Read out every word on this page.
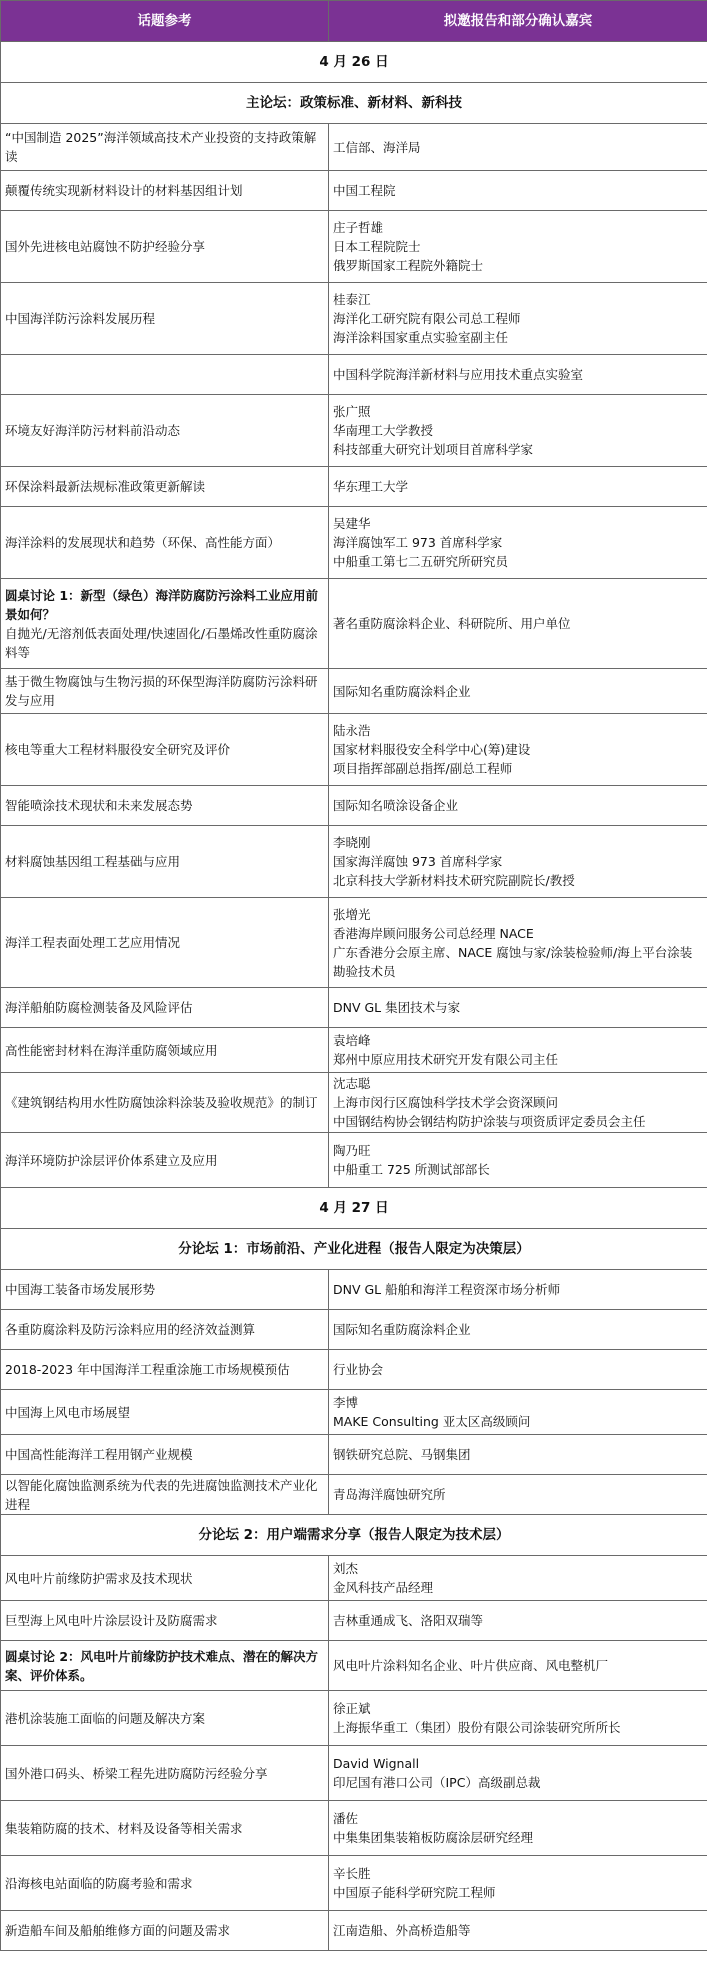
话题参考	拟邀报告和部分确认嘉宾
4 月 26 日	
主论坛：政策标准、新材料、新科技	
“中国制造 2025”海洋领域高技术产业投资的支持政策解读	工信部、海洋局

颠覆传统实现新材料设计的材料基因组计划	中国工程院

国外先进核电站腐蚀不防护经验分享	庄子哲雄
日本工程院院士
俄罗斯国家工程院外籍院士

中国海洋防污涂料发展历程	桂泰江
海洋化工研究院有限公司总工程师
海洋涂料国家重点实验室副主任

	中国科学院海洋新材料与应用技术重点实验室

环境友好海洋防污材料前沿动态	张广照
华南理工大学教授
科技部重大研究计划项目首席科学家

环保涂料最新法规标准政策更新解读	华东理工大学

海洋涂料的发展现状和趋势（环保、高性能方面）	吴建华
海洋腐蚀军工 973 首席科学家
中船重工第七二五研究所研究员

圆桌讨论 1：新型（绿色）海洋防腐防污涂料工业应用前景如何？
自抛光/无溶剂低表面处理/快速固化/石墨烯改性重防腐涂料等	著名重防腐涂料企业、科研院所、用户单位

基于微生物腐蚀与生物污损的环保型海洋防腐防污涂料研发与应用	国际知名重防腐涂料企业

核电等重大工程材料服役安全研究及评价	陆永浩
国家材料服役安全科学中心(筹)建设
项目指挥部副总指挥/副总工程师

智能喷涂技术现状和未来发展态势	国际知名喷涂设备企业

材料腐蚀基因组工程基础与应用	李晓刚
国家海洋腐蚀 973 首席科学家
北京科技大学新材料技术研究院副院长/教授

海洋工程表面处理工艺应用情况	张增光
香港海岸顾问服务公司总经理 NACE
广东香港分会原主席、NACE 腐蚀与家/涂装检验师/海上平台涂装勘验技术员

海洋船舶防腐检测装备及风险评估	DNV GL 集团技术与家

高性能密封材料在海洋重防腐领域应用	袁培峰
郑州中原应用技术研究开发有限公司主任

《建筑钢结构用水性防腐蚀涂料涂装及验收规范》的制订	沈志聪
上海市闵行区腐蚀科学技术学会资深顾问
中国钢结构协会钢结构防护涂装与项资质评定委员会主任

海洋环境防护涂层评价体系建立及应用	陶乃旺
中船重工 725 所测试部部长

4 月 27 日	
分论坛 1：市场前沿、产业化进程（报告人限定为决策层）	
中国海工装备市场发展形势	DNV GL 船舶和海洋工程资深市场分析师

各重防腐涂料及防污涂料应用的经济效益测算	国际知名重防腐涂料企业

2018-2023 年中国海洋工程重涂施工市场规模预估	行业协会

中国海上风电市场展望	李博
MAKE Consulting 亚太区高级顾问

中国高性能海洋工程用钢产业规模	钢铁研究总院、马钢集团

以智能化腐蚀监测系统为代表的先进腐蚀监测技术产业化进程	青岛海洋腐蚀研究所

分论坛 2：用户端需求分享（报告人限定为技术层）	
风电叶片前缘防护需求及技术现状	刘杰
金风科技产品经理

巨型海上风电叶片涂层设计及防腐需求	吉林重通成飞、洛阳双瑞等

圆桌讨论 2：风电叶片前缘防护技术难点、潜在的解决方案、评价体系。	风电叶片涂料知名企业、叶片供应商、风电整机厂

港机涂装施工面临的问题及解决方案	徐正斌
上海振华重工（集团）股份有限公司涂装研究所所长

国外港口码头、桥梁工程先进防腐防污经验分享	David Wignall
印尼国有港口公司（IPC）高级副总裁

集装箱防腐的技术、材料及设备等相关需求	潘佐
中集集团集装箱板防腐涂层研究经理

沿海核电站面临的防腐考验和需求	辛长胜
中国原子能科学研究院工程师

新造船车间及船舶维修方面的问题及需求	江南造船、外高桥造船等
